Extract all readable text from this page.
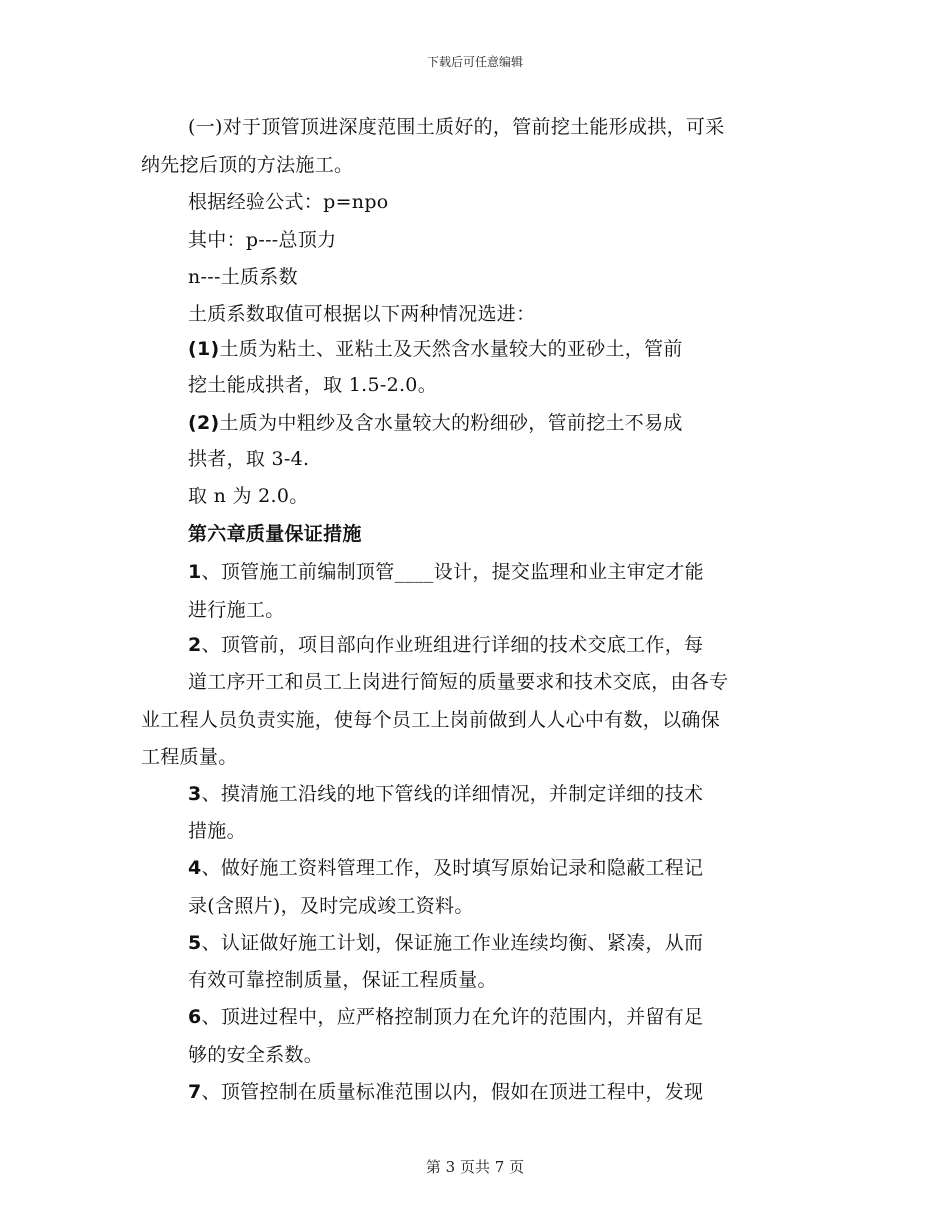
下载后可任意编辑
(一)对于顶管顶进深度范围土质好的，管前挖土能形成拱，可采
纳先挖后顶的方法施工。
根据经验公式：p=npo
其中：p---总顶力
n---土质系数
土质系数取值可根据以下两种情况选进：
(1)土质为粘土、亚粘土及天然含水量较大的亚砂土，管前
挖土能成拱者，取 1.5-2.0。
(2)土质为中粗纱及含水量较大的粉细砂，管前挖土不易成
拱者，取 3-4.
取 n 为 2.0。
第六章质量保证措施
1、顶管施工前编制顶管____设计，提交监理和业主审定才能
进行施工。
2、顶管前，项目部向作业班组进行详细的技术交底工作，每
道工序开工和员工上岗进行简短的质量要求和技术交底，由各专
业工程人员负责实施，使每个员工上岗前做到人人心中有数，以确保
工程质量。
3、摸清施工沿线的地下管线的详细情况，并制定详细的技术
措施。
4、做好施工资料管理工作，及时填写原始记录和隐蔽工程记
录(含照片)，及时完成竣工资料。
5、认证做好施工计划，保证施工作业连续均衡、紧凑，从而
有效可靠控制质量，保证工程质量。
6、顶进过程中，应严格控制顶力在允许的范围内，并留有足
够的安全系数。
7、顶管控制在质量标准范围以内，假如在顶进工程中，发现
第 3 页共 7 页
